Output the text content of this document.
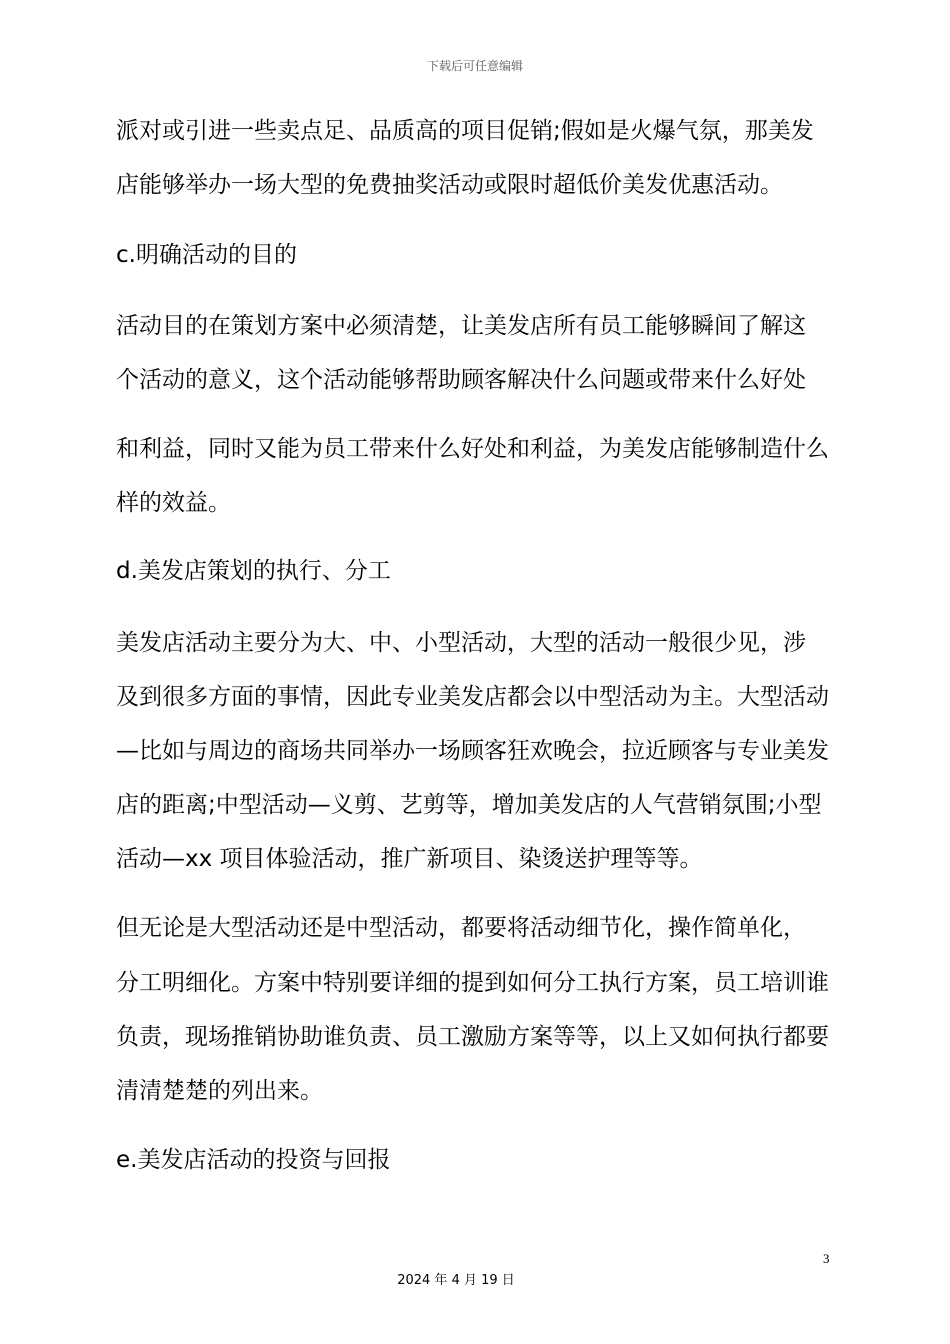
下载后可任意编辑
派对或引进一些卖点足、品质高的项目促销;假如是火爆气氛，那美发
店能够举办一场大型的免费抽奖活动或限时超低价美发优惠活动。
c.明确活动的目的
活动目的在策划方案中必须清楚，让美发店所有员工能够瞬间了解这
个活动的意义，这个活动能够帮助顾客解决什么问题或带来什么好处
和利益，同时又能为员工带来什么好处和利益，为美发店能够制造什么
样的效益。
d.美发店策划的执行、分工
美发店活动主要分为大、中、小型活动，大型的活动一般很少见，涉
及到很多方面的事情，因此专业美发店都会以中型活动为主。大型活动
—比如与周边的商场共同举办一场顾客狂欢晚会，拉近顾客与专业美发
店的距离;中型活动—义剪、艺剪等，增加美发店的人气营销氛围;小型
活动—xx 项目体验活动，推广新项目、染烫送护理等等。
但无论是大型活动还是中型活动，都要将活动细节化，操作简单化，
分工明细化。方案中特别要详细的提到如何分工执行方案，员工培训谁
负责，现场推销协助谁负责、员工激励方案等等，以上又如何执行都要
清清楚楚的列出来。
e.美发店活动的投资与回报
3
2024 年 4 月 19 日
